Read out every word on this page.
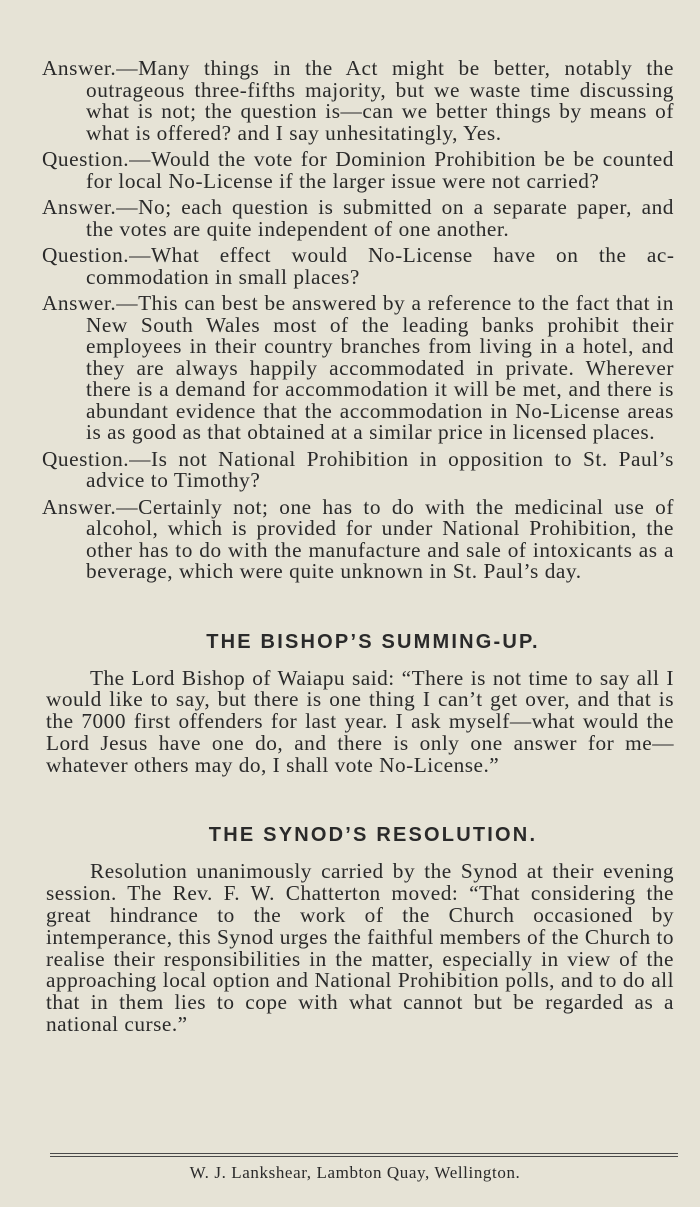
Answer.—Many things in the Act might be better, notably the outrageous three-fifths majority, but we waste time discussing what is not; the question is—can we better things by means of what is offered? and I say unhesitatingly, Yes.

Question.—Would the vote for Dominion Prohibition be be counted for local No-License if the larger issue were not carried?

Answer.—No; each question is submitted on a separate paper, and the votes are quite independent of one another.

Question.—What effect would No-License have on the accommodation in small places?

Answer.—This can best be answered by a reference to the fact that in New South Wales most of the leading banks prohibit their employees in their country branches from living in a hotel, and they are always happily accommodated in private. Wherever there is a demand for accommodation it will be met, and there is abundant evidence that the accommodation in No-License areas is as good as that obtained at a similar price in licensed places.

Question.—Is not National Prohibition in opposition to St. Paul’s advice to Timothy?

Answer.—Certainly not; one has to do with the medicinal use of alcohol, which is provided for under National Prohibition, the other has to do with the manufacture and sale of intoxicants as a beverage, which were quite unknown in St. Paul’s day.

THE BISHOP’S SUMMING-UP.

The Lord Bishop of Waiapu said: “There is not time to say all I would like to say, but there is one thing I can’t get over, and that is the 7000 first offenders for last year. I ask myself—what would the Lord Jesus have one do, and there is only one answer for me—whatever others may do, I shall vote No-License.”

THE SYNOD’S RESOLUTION.

Resolution unanimously carried by the Synod at their evening session. The Rev. F. W. Chatterton moved: “That considering the great hindrance to the work of the Church occasioned by intemperance, this Synod urges the faithful members of the Church to realise their responsibilities in the matter, especially in view of the approaching local option and National Prohibition polls, and to do all that in them lies to cope with what cannot but be regarded as a national curse.”

W. J. Lankshear, Lambton Quay, Wellington.
